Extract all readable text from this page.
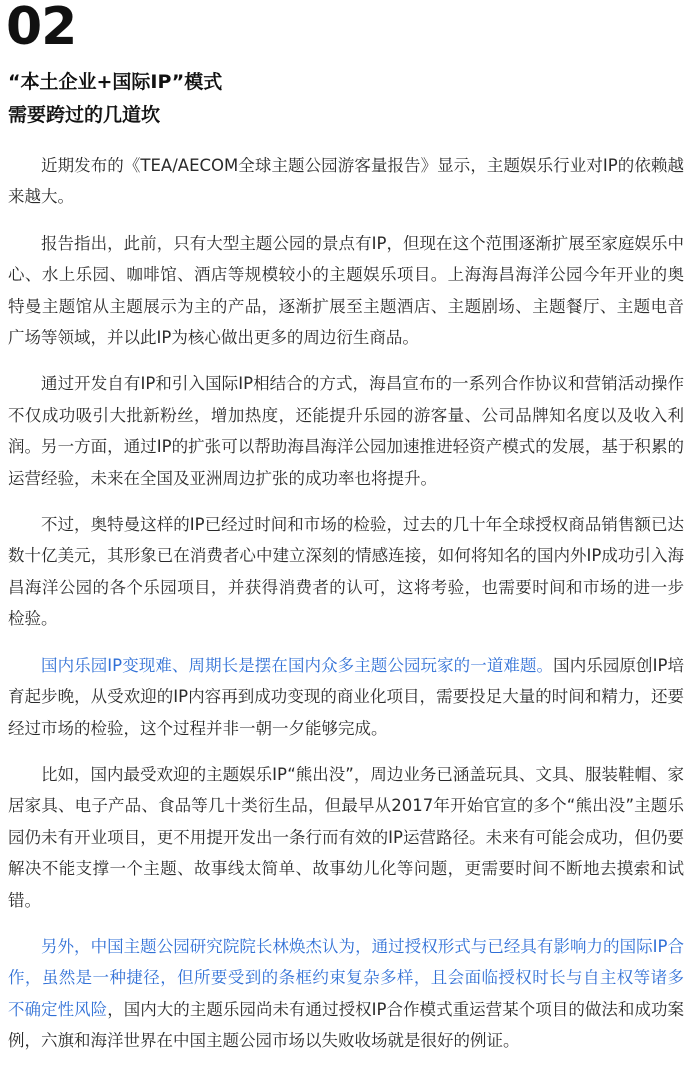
02
“本土企业+国际IP”模式
需要跨过的几道坎

近期发布的《TEA/AECOM全球主题公园游客量报告》显示，主题娱乐行业对IP的依赖越来越大。

报告指出，此前，只有大型主题公园的景点有IP，但现在这个范围逐渐扩展至家庭娱乐中心、水上乐园、咖啡馆、酒店等规模较小的主题娱乐项目。上海海昌海洋公园今年开业的奥特曼主题馆从主题展示为主的产品，逐渐扩展至主题酒店、主题剧场、主题餐厅、主题电音广场等领域，并以此IP为核心做出更多的周边衍生商品。

通过开发自有IP和引入国际IP相结合的方式，海昌宣布的一系列合作协议和营销活动操作不仅成功吸引大批新粉丝，增加热度，还能提升乐园的游客量、公司品牌知名度以及收入利润。另一方面，通过IP的扩张可以帮助海昌海洋公园加速推进轻资产模式的发展，基于积累的运营经验，未来在全国及亚洲周边扩张的成功率也将提升。

不过，奥特曼这样的IP已经过时间和市场的检验，过去的几十年全球授权商品销售额已达数十亿美元，其形象已在消费者心中建立深刻的情感连接，如何将知名的国内外IP成功引入海昌海洋公园的各个乐园项目，并获得消费者的认可，这将考验，也需要时间和市场的进一步检验。

国内乐园IP变现难、周期长是摆在国内众多主题公园玩家的一道难题。国内乐园原创IP培育起步晚，从受欢迎的IP内容再到成功变现的商业化项目，需要投足大量的时间和精力，还要经过市场的检验，这个过程并非一朝一夕能够完成。

比如，国内最受欢迎的主题娱乐IP“熊出没”，周边业务已涵盖玩具、文具、服装鞋帽、家居家具、电子产品、食品等几十类衍生品，但最早从2017年开始官宣的多个“熊出没”主题乐园仍未有开业项目，更不用提开发出一条行而有效的IP运营路径。未来有可能会成功，但仍要解决不能支撑一个主题、故事线太简单、故事幼儿化等问题，更需要时间不断地去摸索和试错。

另外，中国主题公园研究院院长林焕杰认为，通过授权形式与已经具有影响力的国际IP合作，虽然是一种捷径，但所要受到的条框约束复杂多样，且会面临授权时长与自主权等诸多不确定性风险，国内大的主题乐园尚未有通过授权IP合作模式重运营某个项目的做法和成功案例，六旗和海洋世界在中国主题公园市场以失败收场就是很好的例证。
